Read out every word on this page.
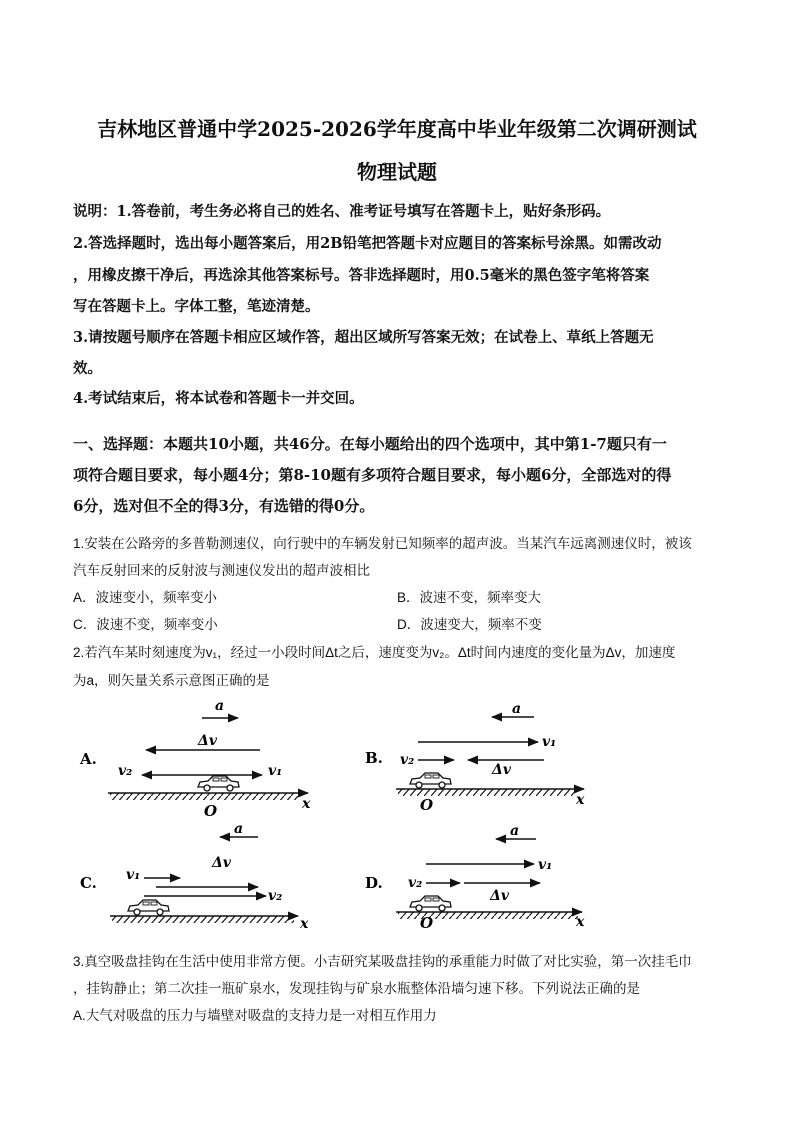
吉林地区普通中学2025-2026学年度高中毕业年级第二次调研测试
物理试题
说明：1.答卷前，考生务必将自己的姓名、准考证号填写在答题卡上，贴好条形码。
2.答选择题时，选出每小题答案后，用2B铅笔把答题卡对应题目的答案标号涂黑。如需改动
，用橡皮擦干净后，再选涂其他答案标号。答非选择题时，用0.5毫米的黑色签字笔将答案
写在答题卡上。字体工整，笔迹清楚。
3.请按题号顺序在答题卡相应区域作答，超出区域所写答案无效；在试卷上、草纸上答题无
效。
4.考试结束后，将本试卷和答题卡一并交回。
一、选择题：本题共10小题，共46分。在每小题给出的四个选项中，其中第1-7题只有一
项符合题目要求，每小题4分；第8-10题有多项符合题目要求，每小题6分，全部选对的得
6分，选对但不全的得3分，有选错的得0分。
1.安装在公路旁的多普勒测速仪，向行驶中的车辆发射已知频率的超声波。当某汽车远离测速仪时，被该
汽车反射回来的反射波与测速仪发出的超声波相比
A．波速变小，频率变小	B．波速不变，频率变大
C．波速不变，频率变小	D．波速变大，频率不变
2.若汽车某时刻速度为v₁，经过一小段时间Δt之后，速度变为v₂。Δt时间内速度的变化量为Δv，加速度
为a，则矢量关系示意图正确的是
A.
a
Δv
v₂	v₁
x
O
B.
a
v₁
v₂
Δv
x
O
C.
a
Δv
v₁
v₂
x
D.
a
v₁
v₂
Δv
x
O
3.真空吸盘挂钩在生活中使用非常方便。小吉研究某吸盘挂钩的承重能力时做了对比实验，第一次挂毛巾
，挂钩静止；第二次挂一瓶矿泉水，发现挂钩与矿泉水瓶整体沿墙匀速下移。下列说法正确的是
A.大气对吸盘的压力与墙壁对吸盘的支持力是一对相互作用力
